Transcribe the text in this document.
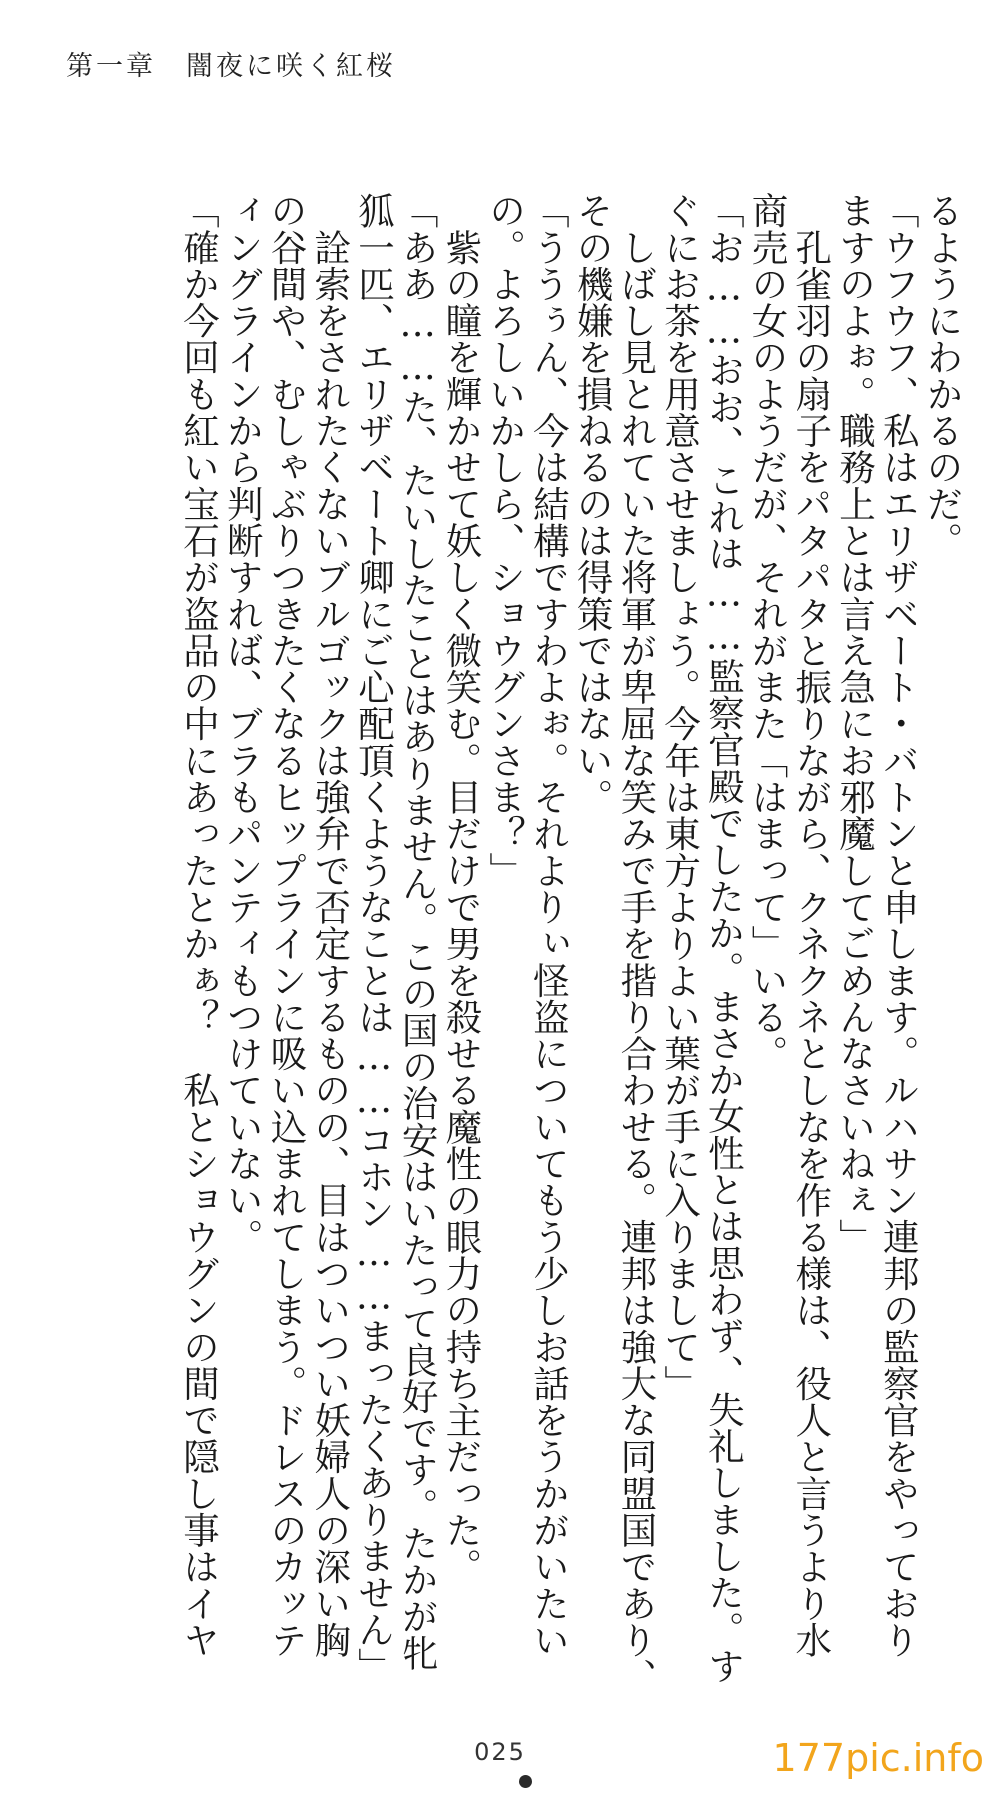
第一章　闇夜に咲く紅桜
るようにわかるのだ。
「ウフウフ、私はエリザベート・バトンと申します。ルハサン連邦の監察官をやっており
ますのよぉ。職務上とは言え急にお邪魔してごめんなさいねぇ」
　孔雀羽の扇子をパタパタと振りながら、クネクネとしなを作る様は、役人と言うより水
商売の女のようだが、それがまた「はまって」いる。
「お……おお、これは……監察官殿でしたか。まさか女性とは思わず、失礼しました。す
ぐにお茶を用意させましょう。今年は東方よりよい葉が手に入りまして」
　しばし見とれていた将軍が卑屈な笑みで手を揩り合わせる。連邦は強大な同盟国であり、
その機嫌を損ねるのは得策ではない。
「ううぅん、今は結構ですわよぉ。それよりぃ怪盗についてもう少しお話をうかがいたい
の。よろしいかしら、ショウグンさま？」
　紫の瞳を輝かせて妖しく微笑む。目だけで男を殺せる魔性の眼力の持ち主だった。
「ああ……た、たいしたことはありません。この国の治安はいたって良好です。たかが牝
狐一匹、エリザベート卿にご心配頂くようなことは……コホン……まったくありません」
　詮索をされたくないブルゴックは強弁で否定するものの、目はついつい妖婦人の深い胸
の谷間や、むしゃぶりつきたくなるヒップラインに吸い込まれてしまう。ドレスのカッテ
ィングラインから判断すれば、ブラもパンティもつけていない。
「確か今回も紅い宝石が盗品の中にあったとかぁ？　私とショウグンの間で隠し事はイヤ
025	177pic.info
